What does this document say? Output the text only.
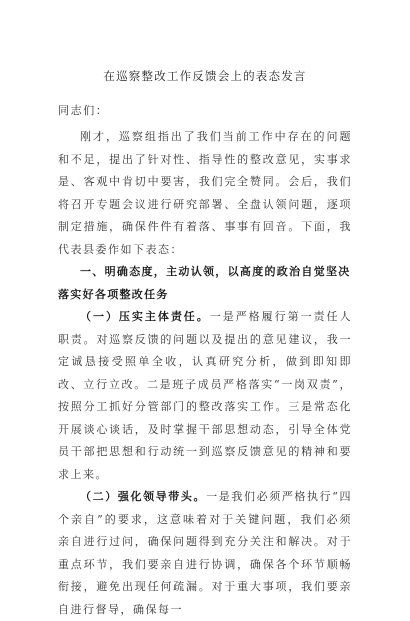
在巡察整改工作反馈会上的表态发言
同志们：

刚才，巡察组指出了我们当前工作中存在的问题和不足，提出了针对性、指导性的整改意见，实事求是、客观中肯切中要害，我们完全赞同。会后，我们将召开专题会议进行研究部署、全盘认领问题，逐项制定措施，确保件件有着落、事事有回音。下面，我代表县委作如下表态：

一、明确态度，主动认领，以高度的政治自觉坚决落实好各项整改任务

（一）压实主体责任。一是严格履行第一责任人职责。对巡察反馈的问题以及提出的意见建议，我一定诚恳接受照单全收，认真研究分析，做到即知即改、立行立改。二是班子成员严格落实“一岗双责”，按照分工抓好分管部门的整改落实工作。三是常态化开展谈心谈话，及时掌握干部思想动态，引导全体党员干部把思想和行动统一到巡察反馈意见的精神和要求上来。

（二）强化领导带头。一是我们必须严格执行“四个亲自”的要求，这意味着对于关键问题，我们必须亲自进行过问，确保问题得到充分关注和解决。对于重点环节，我们要亲自进行协调，确保各个环节顺畅衔接，避免出现任何疏漏。对于重大事项，我们要亲自进行督导，确保每一
